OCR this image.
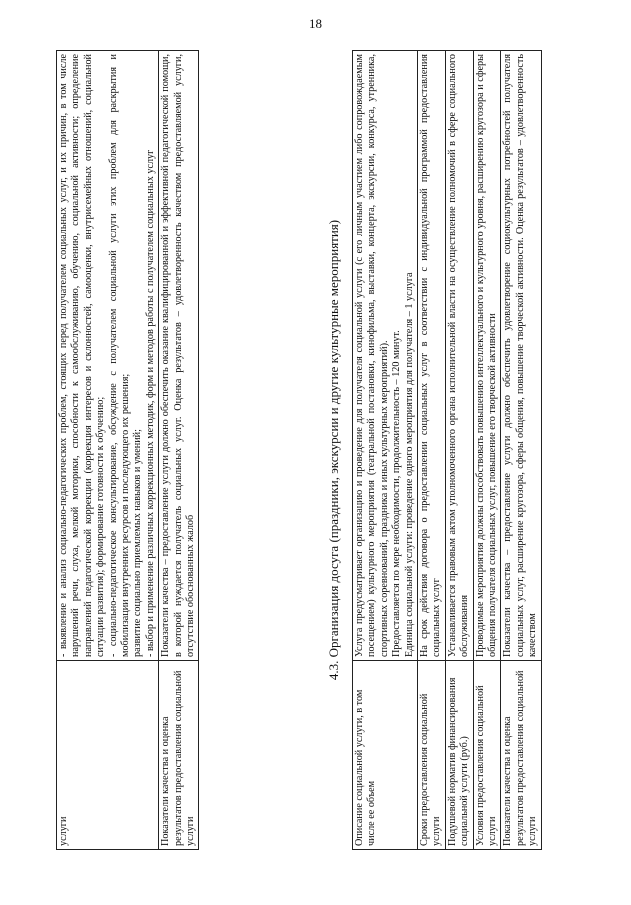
18
услуги	- выявление и анализ социально-педагогических проблем, стоящих перед получателем социальных услуг, и их причин, в том числе нарушений речи, слуха, мелкой моторики, способности к самообслуживанию, обучению, социальной активности; определение направлений педагогической коррекции (коррекция интересов и склонностей, самооценки, внутрисемейных отношений, социальной ситуации развития); формирование готовности к обучению; - социально-педагогическое консультирование, обсуждение с получателем социальной услуги этих проблем для раскрытия и мобилизации внутренних ресурсов и последующего их решения; развитие социально приемлемых навыков и умений; - выбор и применение различных коррекционных методик, форм и методов работы с получателем социальных услуг

Показатели качества и оценка результатов предоставления социальной услуги	Показатели качества – предоставление услуги должно обеспечить оказание квалифицированной и эффективной педагогической помощи, в которой нуждается получатель социальных услуг. Оценка результатов – удовлетворенность качеством предоставляемой услуги, отсутствие обоснованных жалоб	4.3. Организация досуга (праздники, экскурсии и другие культурные мероприятия)
Описание социальной услуги, в том числе ее объем	Услуга предусматривает организацию и проведение для получателя социальной услуги (с его личным участием либо сопровождаемым посещением) культурного мероприятия (театральной постановки, кинофильма, выставки, концерта, экскурсии, конкурса, утренника, спортивных соревнований, праздника и иных культурных мероприятий). Предоставляется по мере необходимости, продолжительность – 120 минут. Единица социальной услуги: проведение одного мероприятия для получателя – 1 услуга

Сроки предоставления социальной услуги	На срок действия договора о предоставлении социальных услуг в соответствии с индивидуальной программой предоставления социальных услуг

Подушевой норматив финансирования социальной услуги (руб.)	Устанавливается правовым актом уполномоченного органа исполнительной власти на осуществление полномочий в сфере социального обслуживания

Условия предоставления социальной услуги	Проводимые мероприятия должны способствовать повышению интеллектуального и культурного уровня, расширению кругозора и сферы общения получателя социальных услуг, повышение его творческой активности

Показатели качества и оценка результатов предоставления социальной услуги	Показатели качества – предоставление услуги должно обеспечить удовлетворение социокультурных потребностей получателя социальных услуг, расширение кругозора, сферы общения, повышение творческой активности. Оценка результатов – удовлетворенность качеством
